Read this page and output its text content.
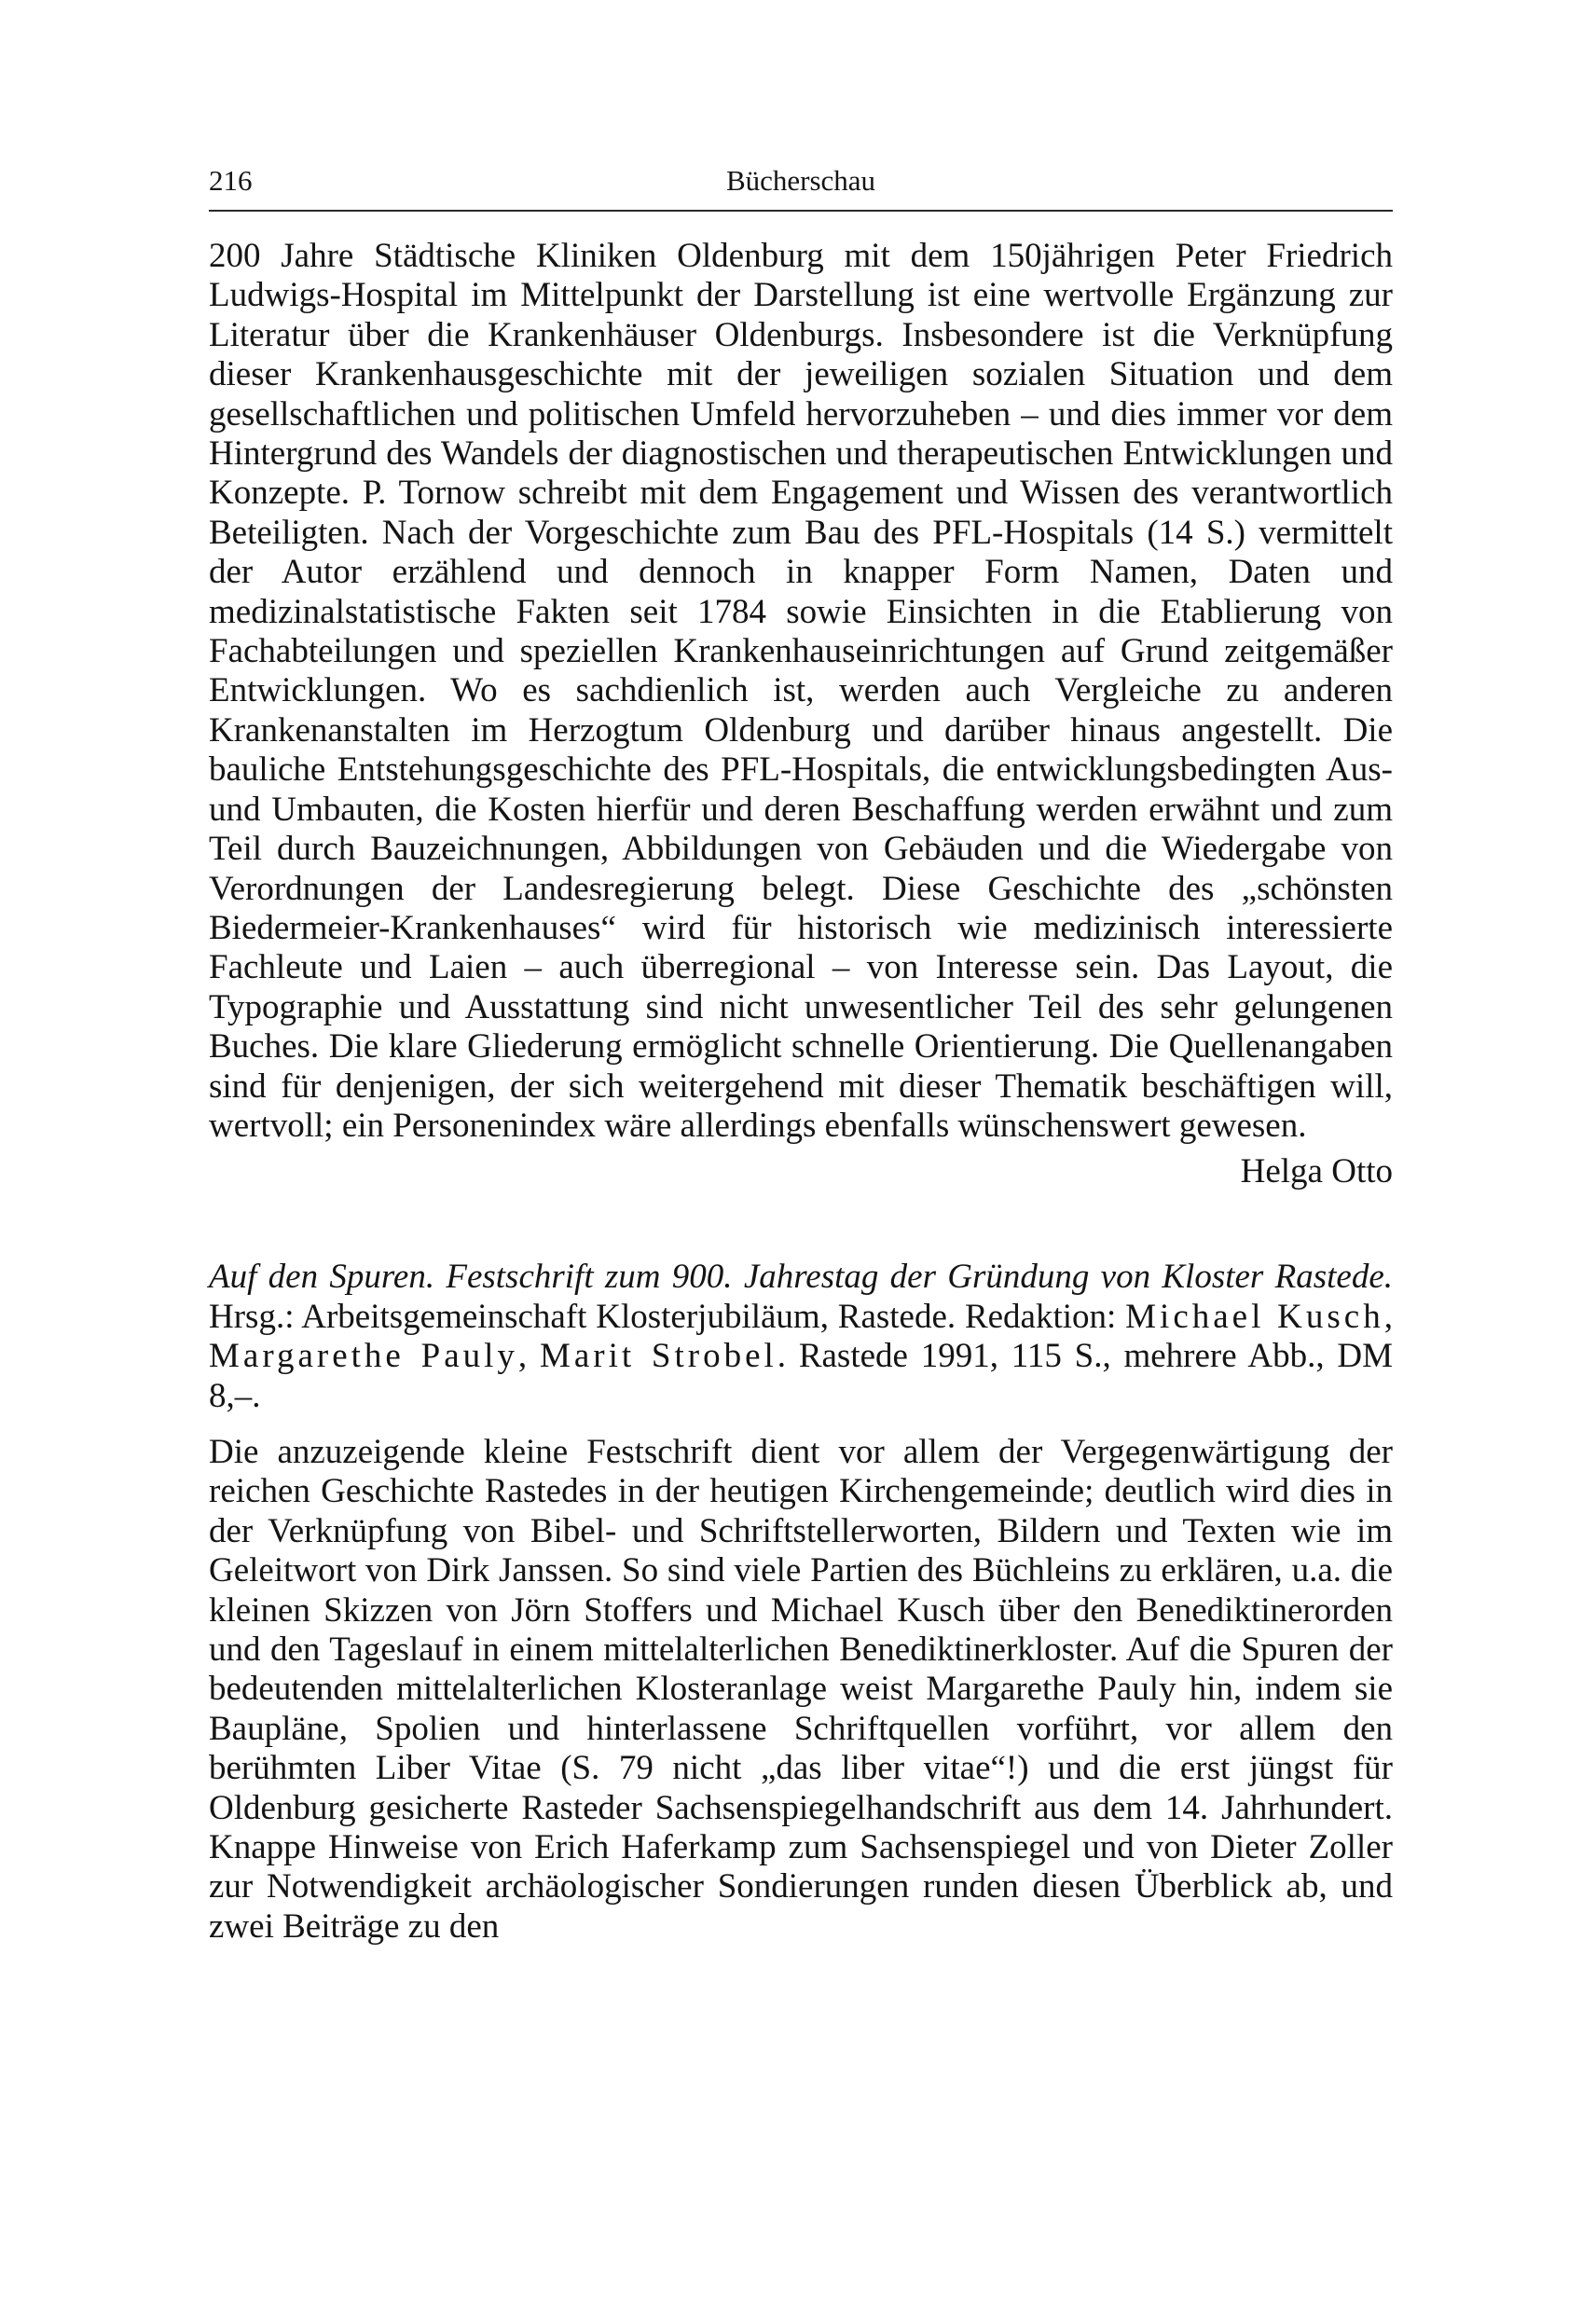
216	Bücherschau

200 Jahre Städtische Kliniken Oldenburg mit dem 150jährigen Peter Friedrich Ludwigs-Hospital im Mittelpunkt der Darstellung ist eine wertvolle Ergänzung zur Literatur über die Krankenhäuser Oldenburgs. Insbesondere ist die Verknüpfung dieser Krankenhausgeschichte mit der jeweiligen sozialen Situation und dem gesellschaftlichen und politischen Umfeld hervorzuheben – und dies immer vor dem Hintergrund des Wandels der diagnostischen und therapeutischen Entwicklungen und Konzepte. P. Tornow schreibt mit dem Engagement und Wissen des verantwortlich Beteiligten. Nach der Vorgeschichte zum Bau des PFL-Hospitals (14 S.) vermittelt der Autor erzählend und dennoch in knapper Form Namen, Daten und medizinalstatistische Fakten seit 1784 sowie Einsichten in die Etablierung von Fachabteilungen und speziellen Krankenhauseinrichtungen auf Grund zeitgemäßer Entwicklungen. Wo es sachdienlich ist, werden auch Vergleiche zu anderen Krankenanstalten im Herzogtum Oldenburg und darüber hinaus angestellt. Die bauliche Entstehungsgeschichte des PFL-Hospitals, die entwicklungsbedingten Aus- und Umbauten, die Kosten hierfür und deren Beschaffung werden erwähnt und zum Teil durch Bauzeichnungen, Abbildungen von Gebäuden und die Wiedergabe von Verordnungen der Landesregierung belegt. Diese Geschichte des „schönsten Biedermeier-Krankenhauses“ wird für historisch wie medizinisch interessierte Fachleute und Laien – auch überregional – von Interesse sein. Das Layout, die Typographie und Ausstattung sind nicht unwesentlicher Teil des sehr gelungenen Buches. Die klare Gliederung ermöglicht schnelle Orientierung. Die Quellenangaben sind für denjenigen, der sich weitergehend mit dieser Thematik beschäftigen will, wertvoll; ein Personenindex wäre allerdings ebenfalls wünschenswert gewesen.

Helga Otto

Auf den Spuren. Festschrift zum 900. Jahrestag der Gründung von Kloster Rastede. Hrsg.: Arbeitsgemeinschaft Klosterjubiläum, Rastede. Redaktion: Michael Kusch, Margarethe Pauly, Marit Strobel. Rastede 1991, 115 S., mehrere Abb., DM 8,–.

Die anzuzeigende kleine Festschrift dient vor allem der Vergegenwärtigung der reichen Geschichte Rastedes in der heutigen Kirchengemeinde; deutlich wird dies in der Verknüpfung von Bibel- und Schriftstellerworten, Bildern und Texten wie im Geleitwort von Dirk Janssen. So sind viele Partien des Büchleins zu erklären, u.a. die kleinen Skizzen von Jörn Stoffers und Michael Kusch über den Benediktinerorden und den Tageslauf in einem mittelalterlichen Benediktinerkloster. Auf die Spuren der bedeutenden mittelalterlichen Klosteranlage weist Margarethe Pauly hin, indem sie Baupläne, Spolien und hinterlassene Schriftquellen vorführt, vor allem den berühmten Liber Vitae (S. 79 nicht „das liber vitae“!) und die erst jüngst für Oldenburg gesicherte Rasteder Sachsenspiegelhandschrift aus dem 14. Jahrhundert. Knappe Hinweise von Erich Haferkamp zum Sachsenspiegel und von Dieter Zoller zur Notwendigkeit archäologischer Sondierungen runden diesen Überblick ab, und zwei Beiträge zu den
